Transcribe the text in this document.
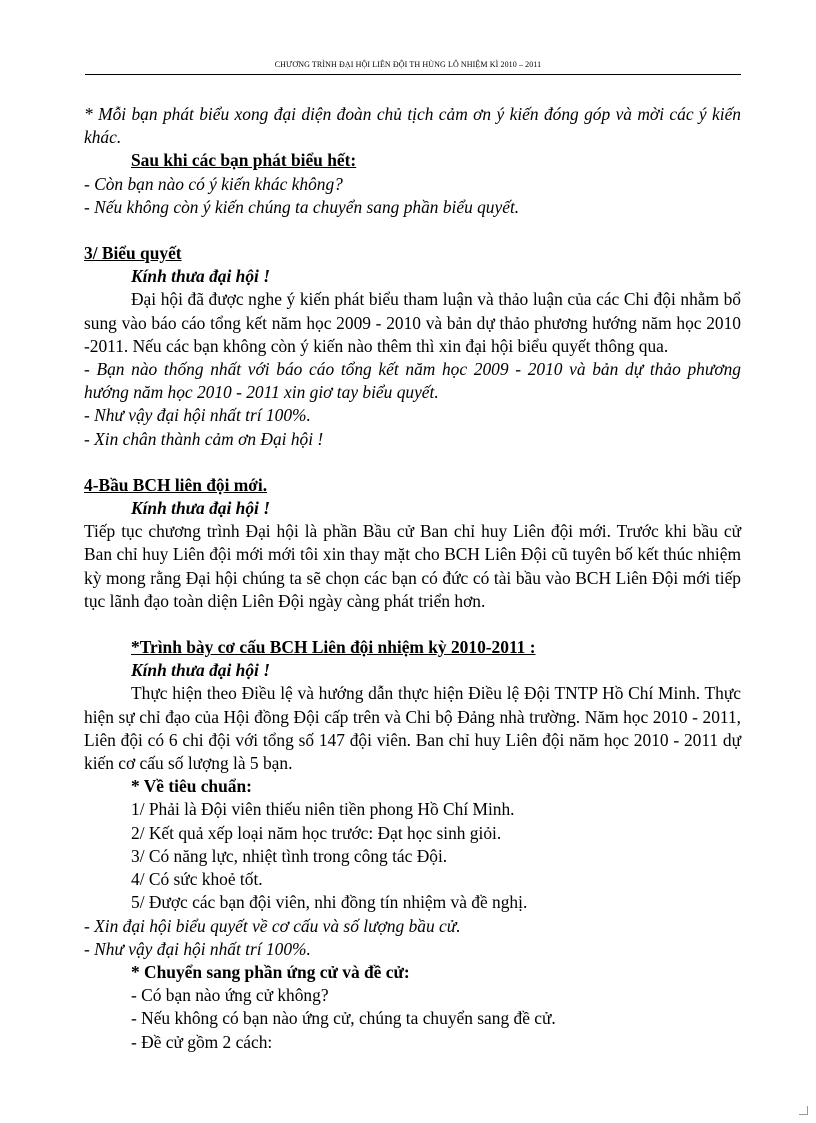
CHƯƠNG TRÌNH ĐẠI HỘI LIÊN ĐỘI TH HÙNG LÔ NHIỆM KÌ 2010 – 2011

* Mỗi bạn phát biểu xong đại diện đoàn chủ tịch cảm ơn ý kiến đóng góp và mời các ý kiến khác.

Sau khi các bạn phát biểu hết:

- Còn bạn nào có ý kiến khác không?

- Nếu không còn ý kiến chúng ta chuyển sang phần biểu quyết.

3/ Biểu quyết

Kính thưa đại hội !

Đại hội đã được nghe ý kiến phát biểu tham luận và thảo luận của các Chi đội nhằm bổ sung vào báo cáo tổng kết năm học 2009 - 2010 và bản dự thảo phương hướng năm học 2010 -2011. Nếu các bạn không còn ý kiến nào thêm thì xin đại hội biểu quyết thông qua.

- Bạn nào thống nhất với báo cáo tổng kết năm học 2009 - 2010 và bản dự thảo phương hướng năm học 2010 - 2011 xin giơ tay biểu quyết.

- Như vậy đại hội nhất trí 100%.

- Xin chân thành cảm ơn Đại hội !

4-Bầu BCH liên đội mới.

Kính thưa đại hội !

Tiếp tục chương trình Đại hội là phần Bầu cử Ban chỉ huy Liên đội mới. Trước khi bầu cử Ban chỉ huy Liên đội mới mới tôi xin thay mặt cho BCH Liên Đội cũ tuyên bố kết thúc nhiệm kỳ mong rằng Đại hội chúng ta sẽ chọn các bạn có đức có tài bầu vào BCH Liên Đội mới tiếp tục lãnh đạo toàn diện Liên Đội ngày càng phát triển hơn.

*Trình bày cơ cấu BCH Liên đội nhiệm kỳ 2010-2011 :

Kính thưa đại hội !

Thực hiện theo Điều lệ và hướng dẫn thực hiện Điều lệ Đội TNTP Hồ Chí Minh. Thực hiện sự chỉ đạo của Hội đồng Đội cấp trên và Chi bộ Đảng nhà trường. Năm học 2010 - 2011, Liên đội có 6 chi đội với tổng số 147 đội viên. Ban chỉ huy Liên đội năm học 2010 - 2011 dự kiến cơ cấu số lượng là 5 bạn.

* Về tiêu chuẩn:

1/ Phải là Đội viên thiếu niên tiền phong Hồ Chí Minh.

2/ Kết quả xếp loại năm học trước: Đạt học sinh giỏi.

3/ Có năng lực, nhiệt tình trong công tác Đội.

4/ Có sức khoẻ tốt.

5/ Được các bạn đội viên, nhi đồng tín nhiệm và đề nghị.

- Xin đại hội biểu quyết về cơ cấu và số lượng bầu cử.

- Như vậy đại hội nhất trí 100%.

* Chuyển sang phần ứng cử và đề cử:

- Có bạn nào ứng cử không?

- Nếu không có bạn nào ứng cử, chúng ta chuyển sang đề cử.

- Đề cử gồm 2 cách:
